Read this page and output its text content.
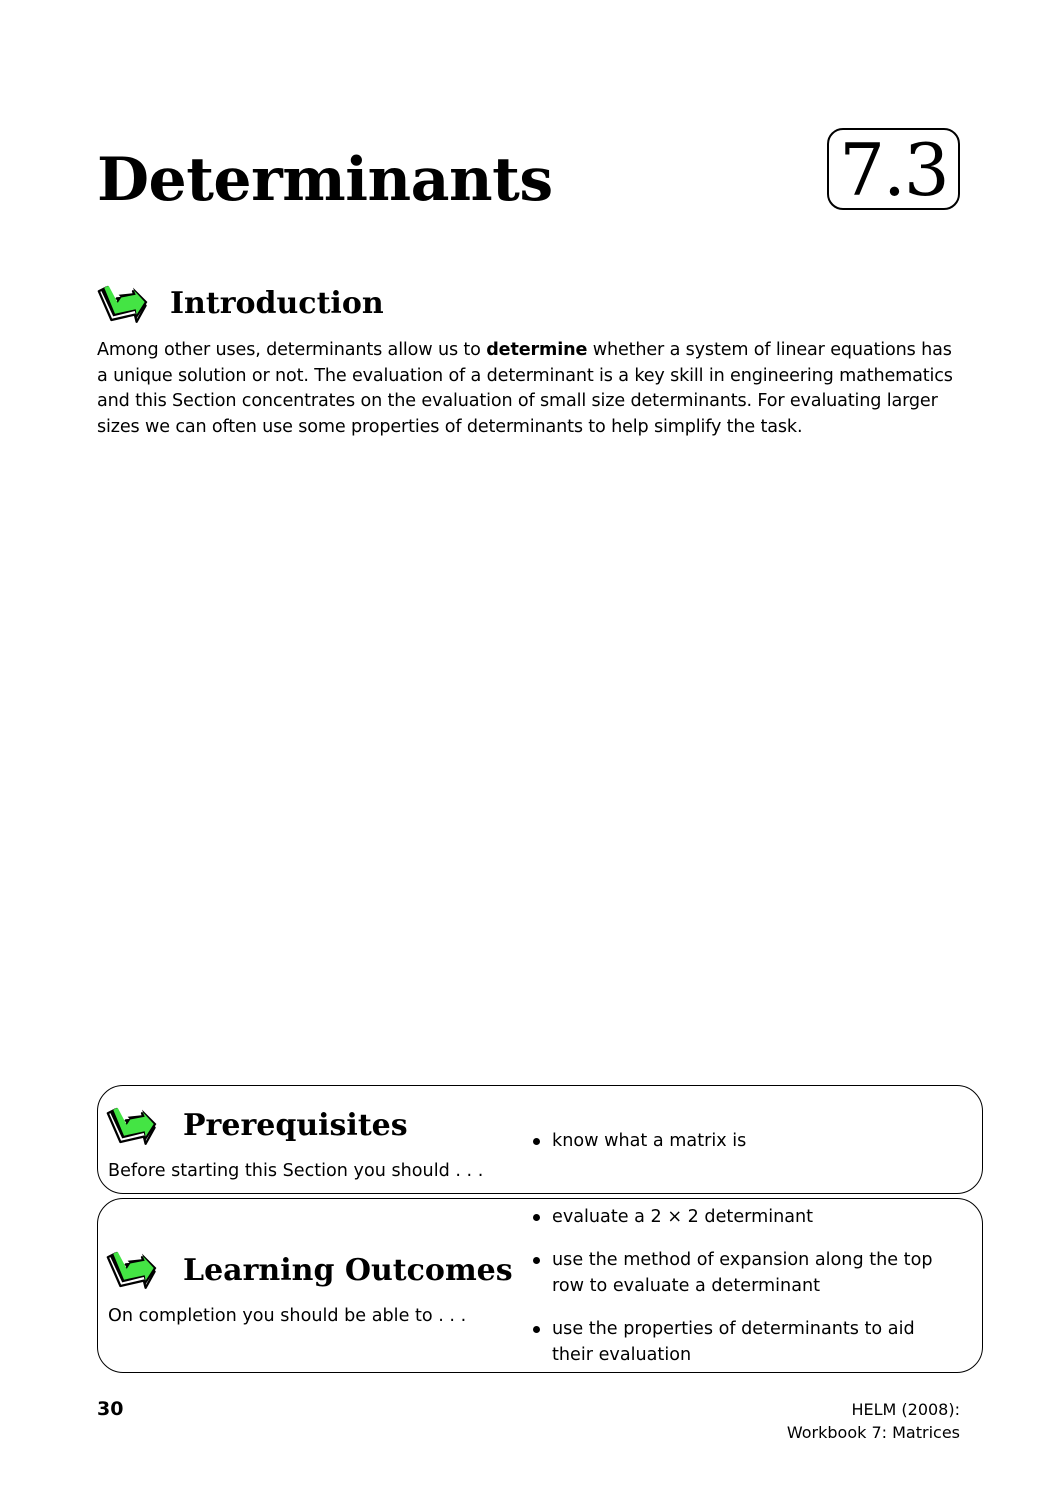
Determinants	7.3
Introduction

Among other uses, determinants allow us to determine whether a system of linear equations has a unique solution or not. The evaluation of a determinant is a key skill in engineering mathematics and this Section concentrates on the evaluation of small size determinants. For evaluating larger sizes we can often use some properties of determinants to help simplify the task.

Prerequisites
Before starting this Section you should . . .
know what a matrix is
Learning Outcomes
On completion you should be able to . . .
evaluate a 2 × 2 determinant
use the method of expansion along the top row to evaluate a determinant
use the properties of determinants to aid their evaluation
30	HELM (2008):
Workbook 7: Matrices
